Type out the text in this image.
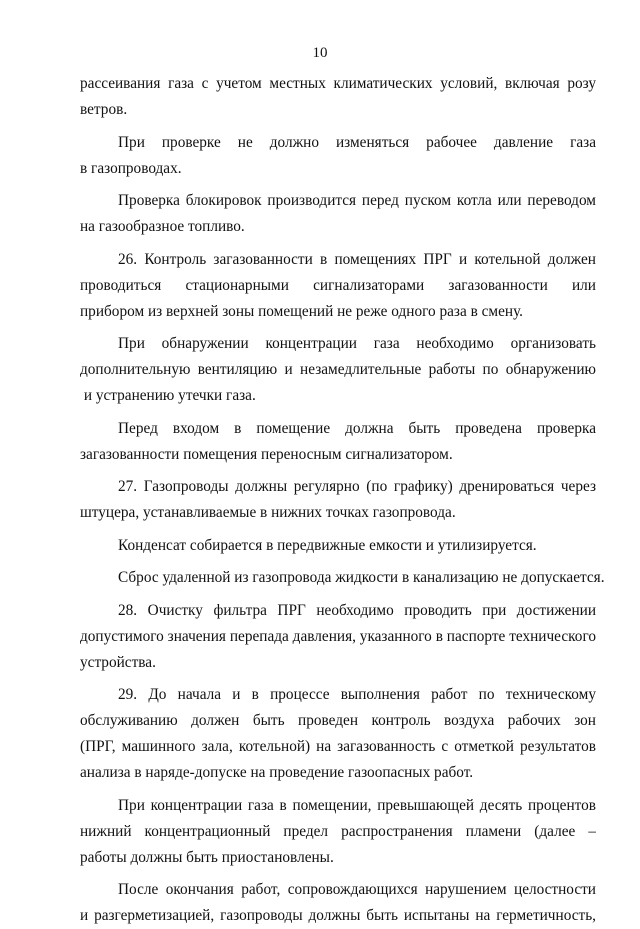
10
рассеивания газа с учетом местных климатических условий, включая розу
ветров.
При проверке не должно изменяться рабочее давление газа
в газопроводах.
Проверка блокировок производится перед пуском котла или переводом
на газообразное топливо.
26. Контроль загазованности в помещениях ПРГ и котельной должен
проводиться стационарными сигнализаторами загазованности или
прибором из верхней зоны помещений не реже одного раза в смену.
При обнаружении концентрации газа необходимо организовать
дополнительную вентиляцию и незамедлительные работы по обнаружению
и устранению утечки газа.
Перед входом в помещение должна быть проведена проверка
загазованности помещения переносным сигнализатором.
27. Газопроводы должны регулярно (по графику) дренироваться через
штуцера, устанавливаемые в нижних точках газопровода.
Конденсат собирается в передвижные емкости и утилизируется.
Сброс удаленной из газопровода жидкости в канализацию не допускается.
28. Очистку фильтра ПРГ необходимо проводить при достижении
допустимого значения перепада давления, указанного в паспорте технического
устройства.
29. До начала и в процессе выполнения работ по техническому
обслуживанию должен быть проведен контроль воздуха рабочих зон
(ПРГ, машинного зала, котельной) на загазованность с отметкой результатов
анализа в наряде-допуске на проведение газоопасных работ.
При концентрации газа в помещении, превышающей десять процентов
нижний концентрационный предел распространения пламени (далее –
работы должны быть приостановлены.
После окончания работ, сопровождающихся нарушением целостности
и разгерметизацией, газопроводы должны быть испытаны на герметичность,
